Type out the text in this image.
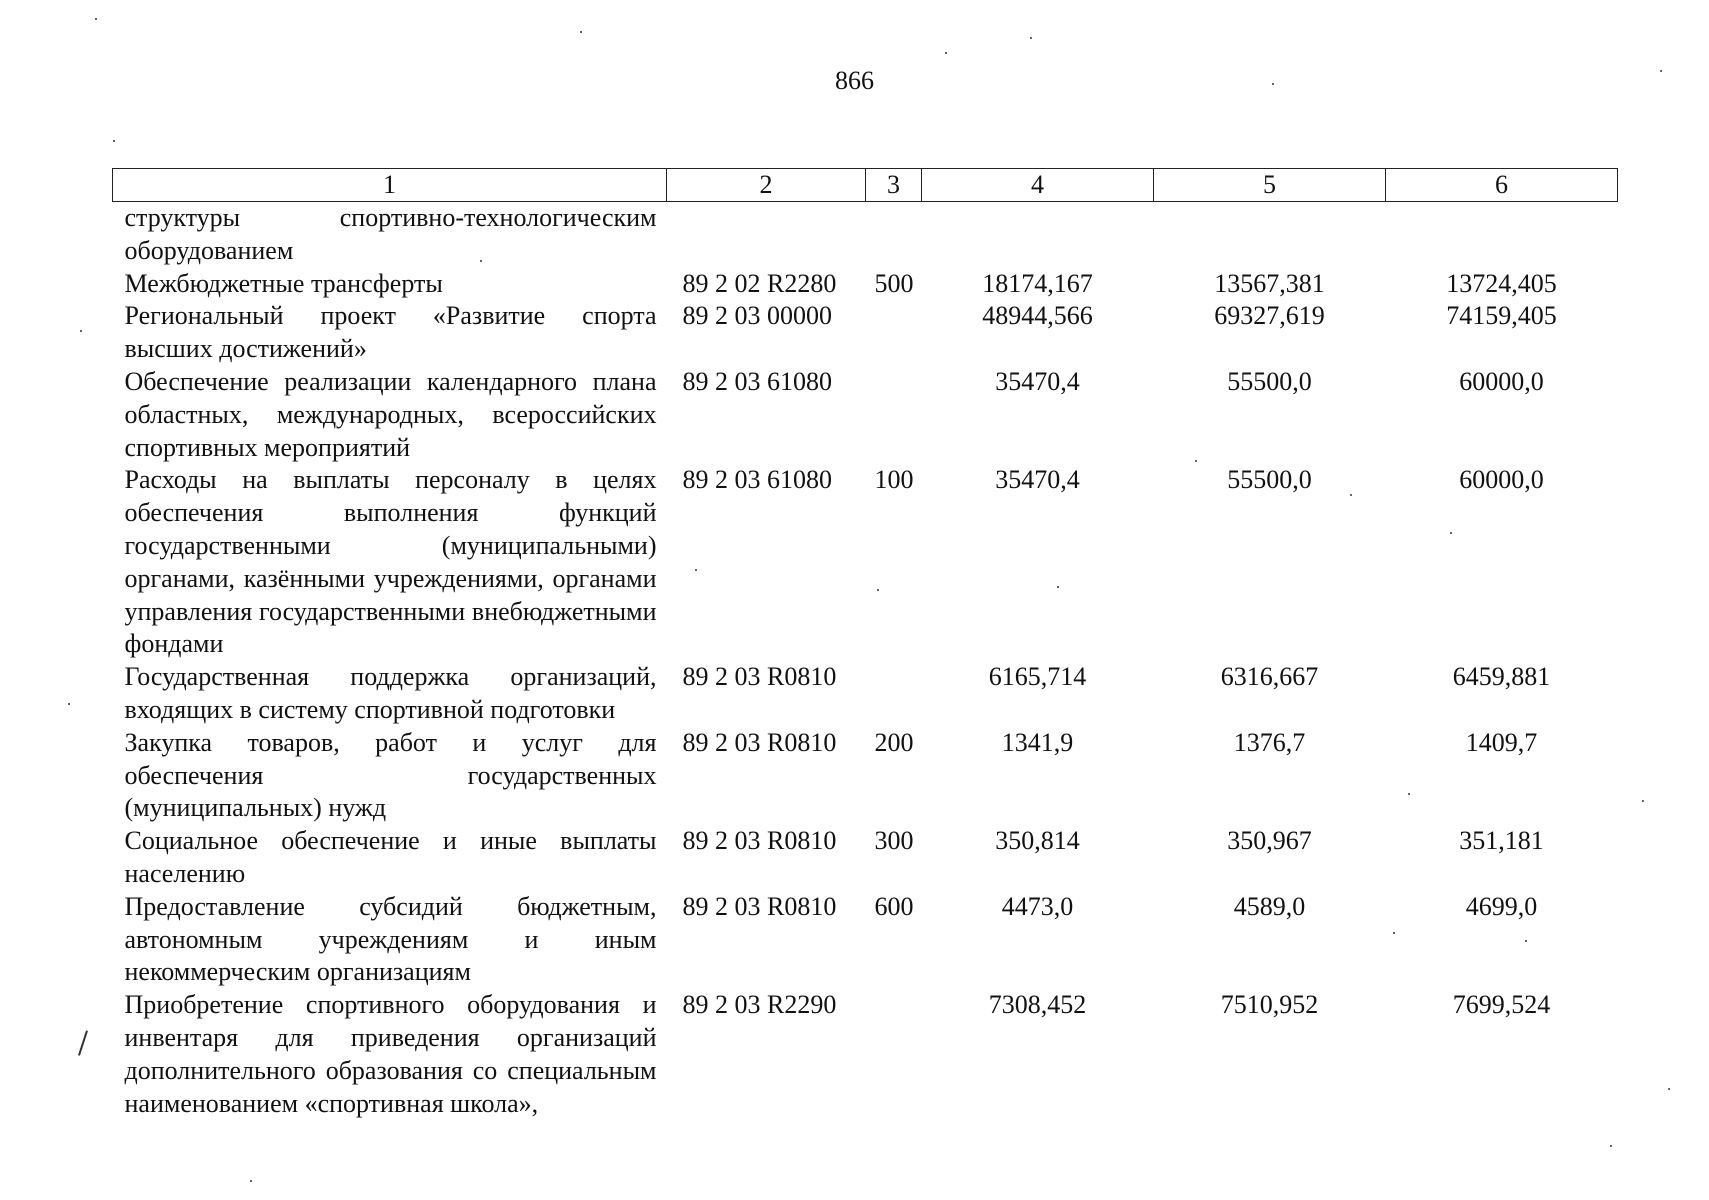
866
1	2	3	4	5	6
структуры спортивно-технологическим оборудованием					
Межбюджетные трансферты	89 2 02 R2280	500	18174,167	13567,381	13724,405
Региональный проект «Развитие спорта высших достижений»	89 2 03 00000		48944,566	69327,619	74159,405
Обеспечение реализации календарного плана областных, международных, всероссийских спортивных мероприятий	89 2 03 61080		35470,4	55500,0	60000,0
Расходы на выплаты персоналу в целях обеспечения выполнения функций государственными (муниципальными) органами, казёнными учреждениями, органами управления государственными внебюджетными фондами	89 2 03 61080	100	35470,4	55500,0	60000,0
Государственная поддержка организаций, входящих в систему спортивной подготовки	89 2 03 R0810		6165,714	6316,667	6459,881
Закупка товаров, работ и услуг для обеспечения государственных (муниципальных) нужд	89 2 03 R0810	200	1341,9	1376,7	1409,7
Социальное обеспечение и иные выплаты населению	89 2 03 R0810	300	350,814	350,967	351,181
Предоставление субсидий бюджетным, автономным учреждениям и иным некоммерческим организациям	89 2 03 R0810	600	4473,0	4589,0	4699,0
Приобретение спортивного оборудования и инвентаря для приведения организаций дополнительного образования со специальным наименованием «спортивная школа»,	89 2 03 R2290		7308,452	7510,952	7699,524
